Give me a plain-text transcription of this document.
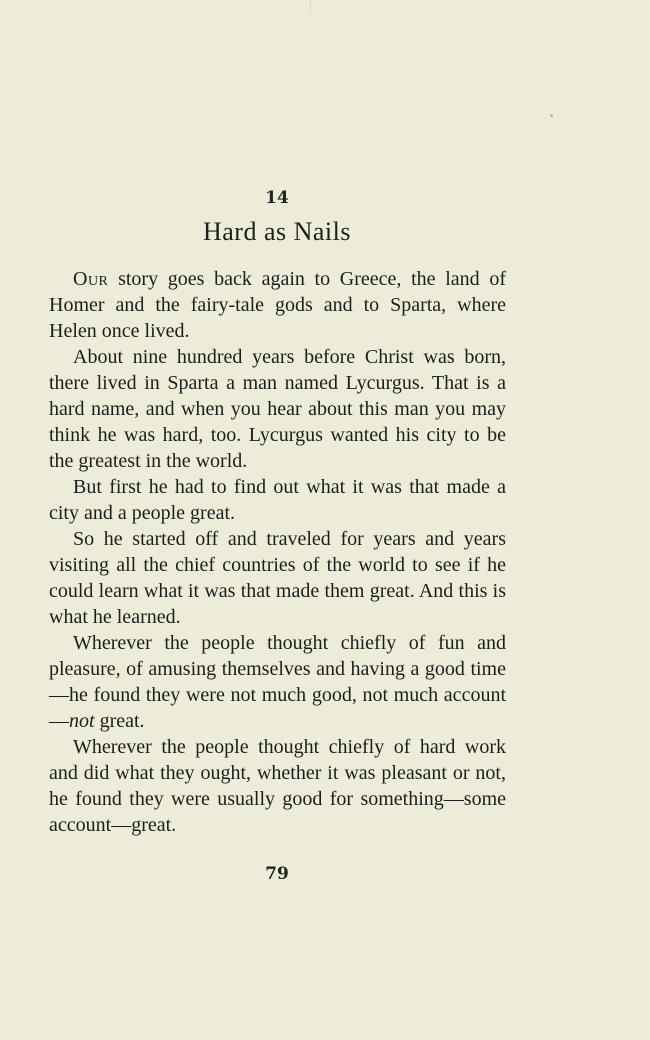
14
Hard as Nails

Our story goes back again to Greece, the land of Homer and the fairy-tale gods and to Sparta, where Helen once lived.

About nine hundred years before Christ was born, there lived in Sparta a man named Lycurgus. That is a hard name, and when you hear about this man you may think he was hard, too. Lycurgus wanted his city to be the greatest in the world.

But first he had to find out what it was that made a city and a people great.

So he started off and traveled for years and years visiting all the chief countries of the world to see if he could learn what it was that made them great. And this is what he learned.

Wherever the people thought chiefly of fun and pleasure, of amusing themselves and having a good time—he found they were not much good, not much account—not great.

Wherever the people thought chiefly of hard work and did what they ought, whether it was pleasant or not, he found they were usually good for something—some account—great.

79
